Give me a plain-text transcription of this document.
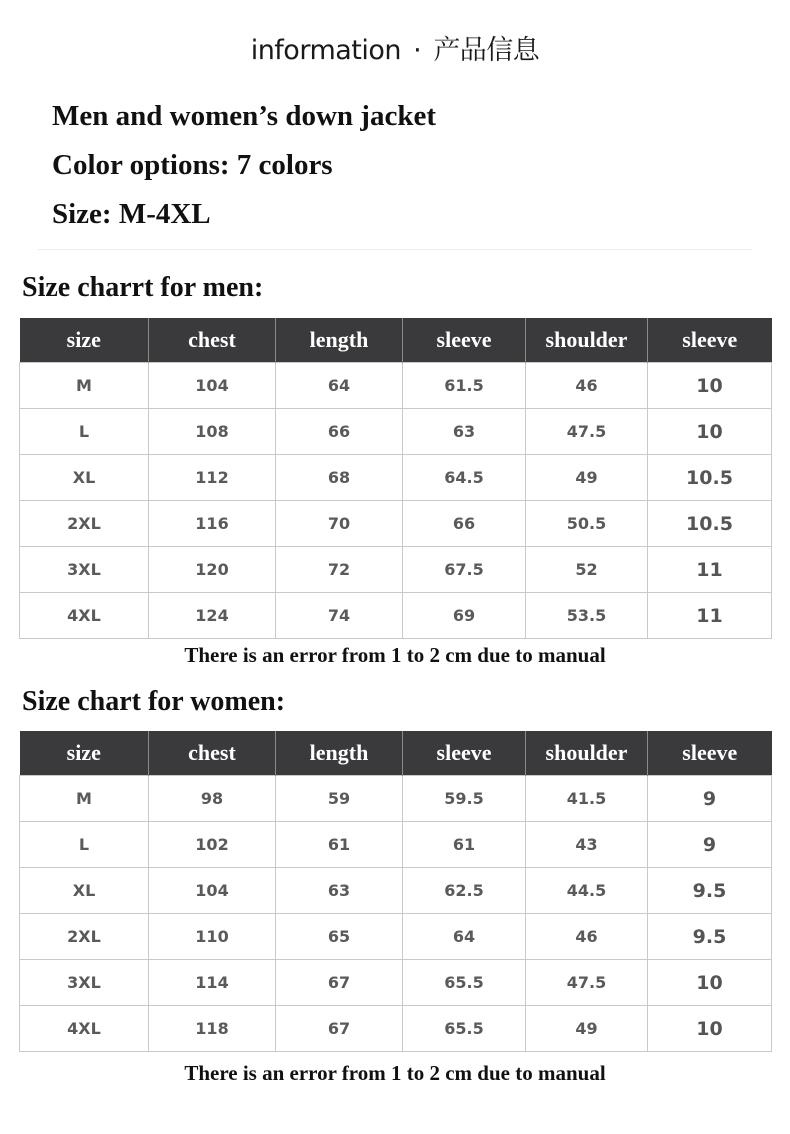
information · 产品信息
Men and women’s down jacket
Color options: 7 colors
Size: M-4XL
Size charrt for men:
size	chest	length	sleeve	shoulder	sleeve
M	104	64	61.5	46	10
L	108	66	63	47.5	10
XL	112	68	64.5	49	10.5
2XL	116	70	66	50.5	10.5
3XL	120	72	67.5	52	11
4XL	124	74	69	53.5	11
There is an error from 1 to 2 cm due to manual
Size chart for women:
size	chest	length	sleeve	shoulder	sleeve
M	98	59	59.5	41.5	9
L	102	61	61	43	9
XL	104	63	62.5	44.5	9.5
2XL	110	65	64	46	9.5
3XL	114	67	65.5	47.5	10
4XL	118	67	65.5	49	10
There is an error from 1 to 2 cm due to manual
